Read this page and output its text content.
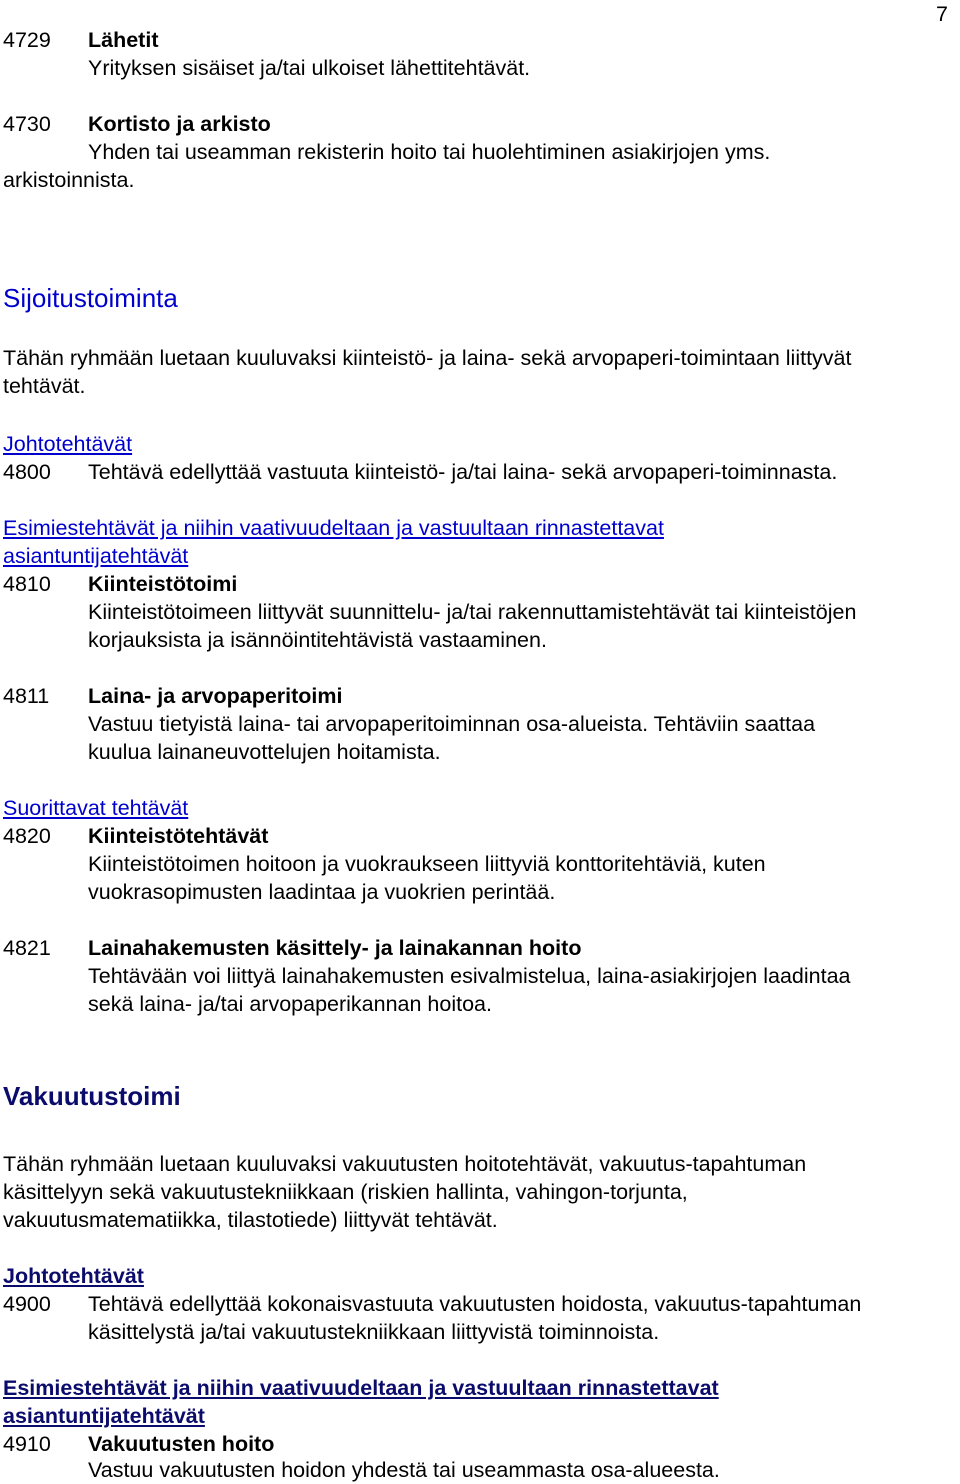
7
4729 Lähetit
Yrityksen sisäiset ja/tai ulkoiset lähettitehtävät.
4730 Kortisto ja arkisto
Yhden tai useamman rekisterin hoito tai huolehtiminen asiakirjojen yms.
arkistoinnista.
Sijoitustoiminta
Tähän ryhmään luetaan kuuluvaksi kiinteistö- ja laina- sekä arvopaperi-toimintaan liittyvät
tehtävät.
Johtotehtävät
4800 Tehtävä edellyttää vastuuta kiinteistö- ja/tai laina- sekä arvopaperi-toiminnasta.
Esimiestehtävät ja niihin vaativuudeltaan ja vastuultaan rinnastettavat
asiantuntijatehtävät
4810 Kiinteistötoimi
Kiinteistötoimeen liittyvät suunnittelu- ja/tai rakennuttamistehtävät tai kiinteistöjen
korjauksista ja isännöintitehtävistä vastaaminen.
4811 Laina- ja arvopaperitoimi
Vastuu tietyistä laina- tai arvopaperitoiminnan osa-alueista. Tehtäviin saattaa
kuulua lainaneuvottelujen hoitamista.
Suorittavat tehtävät
4820 Kiinteistötehtävät
Kiinteistötoimen hoitoon ja vuokraukseen liittyviä konttoritehtäviä, kuten
vuokrasopimusten laadintaa ja vuokrien perintää.
4821 Lainahakemusten käsittely- ja lainakannan hoito
Tehtävään voi liittyä lainahakemusten esivalmistelua, laina-asiakirjojen laadintaa
sekä laina- ja/tai arvopaperikannan hoitoa.
Vakuutustoimi
Tähän ryhmään luetaan kuuluvaksi vakuutusten hoitotehtävät, vakuutus-tapahtuman
käsittelyyn sekä vakuutustekniikkaan (riskien hallinta, vahingon-torjunta,
vakuutusmatematiikka, tilastotiede) liittyvät tehtävät.
Johtotehtävät
4900 Tehtävä edellyttää kokonaisvastuuta vakuutusten hoidosta, vakuutus-tapahtuman
käsittelystä ja/tai vakuutustekniikkaan liittyvistä toiminnoista.
Esimiestehtävät ja niihin vaativuudeltaan ja vastuultaan rinnastettavat
asiantuntijatehtävät
4910 Vakuutusten hoito
Vastuu vakuutusten hoidon yhdestä tai useammasta osa-alueesta.
